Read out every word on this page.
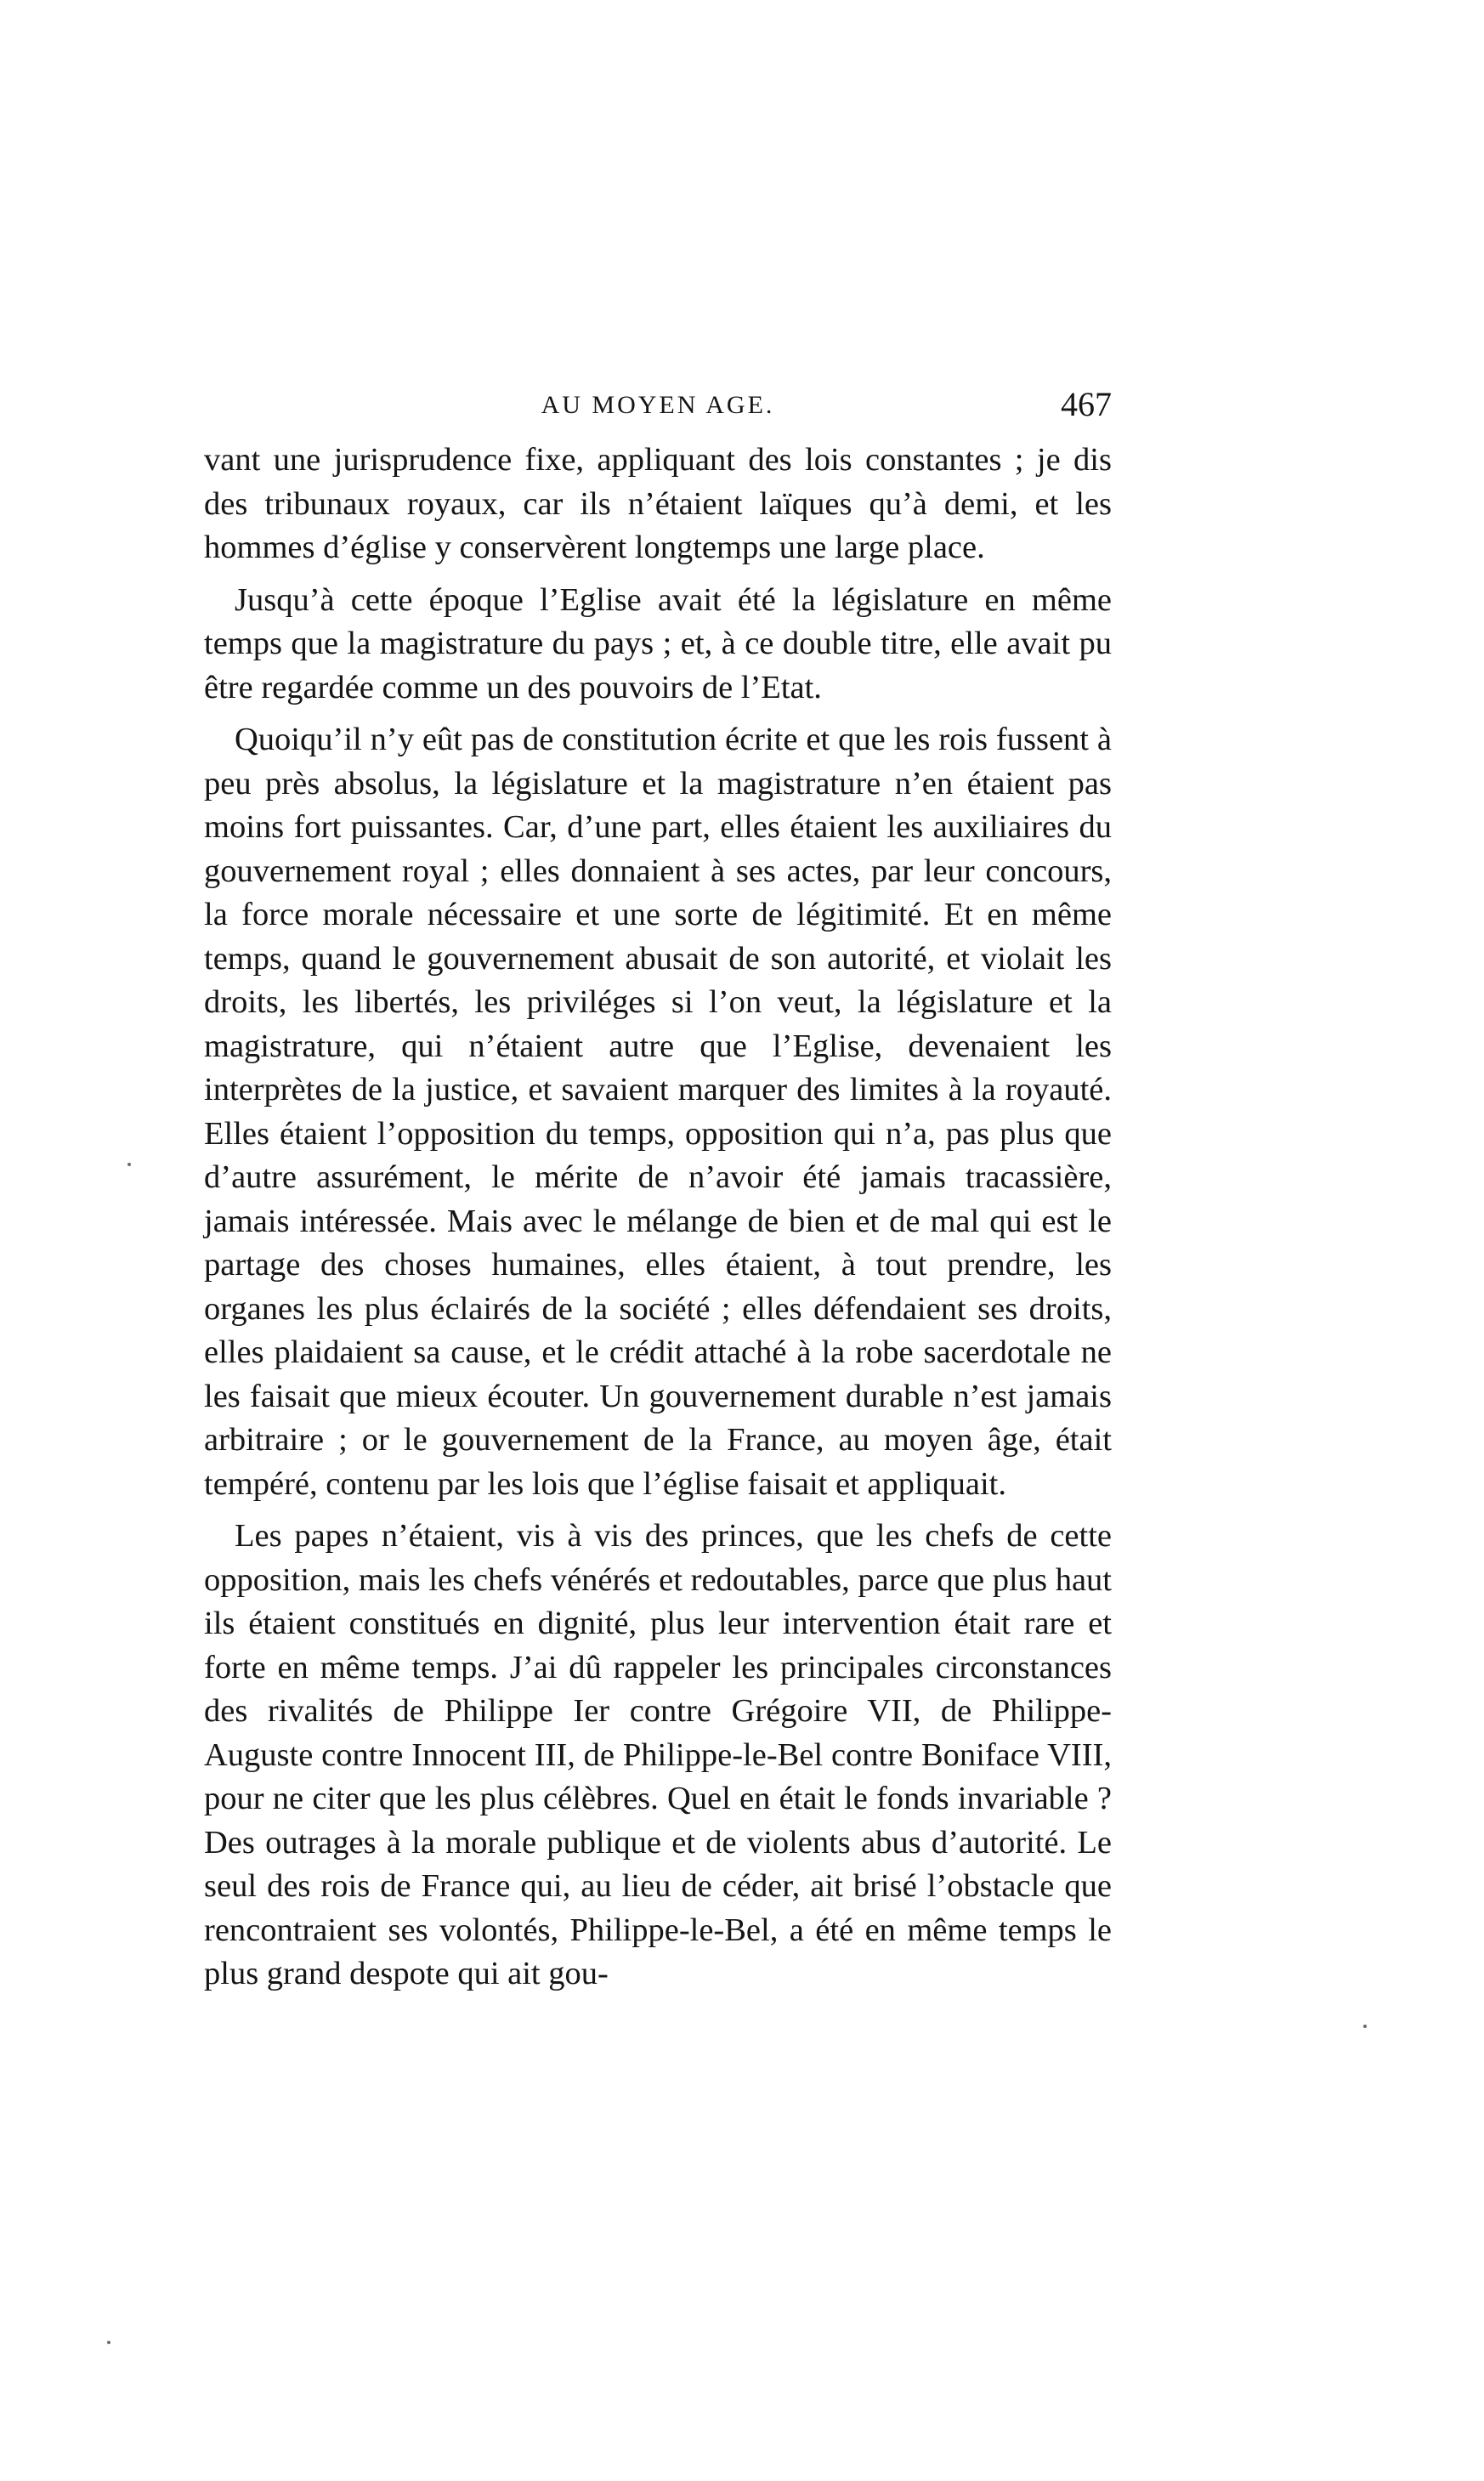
AU MOYEN AGE.	467

vant une jurisprudence fixe, appliquant des lois constantes ; je dis des tribunaux royaux, car ils n’étaient laïques qu’à demi, et les hommes d’église y conservèrent longtemps une large place.

Jusqu’à cette époque l’Eglise avait été la législature en même temps que la magistrature du pays ; et, à ce double titre, elle avait pu être regardée comme un des pouvoirs de l’Etat.

Quoiqu’il n’y eût pas de constitution écrite et que les rois fussent à peu près absolus, la législature et la magistrature n’en étaient pas moins fort puissantes. Car, d’une part, elles étaient les auxiliaires du gouvernement royal ; elles donnaient à ses actes, par leur concours, la force morale nécessaire et une sorte de légitimité. Et en même temps, quand le gouvernement abusait de son autorité, et violait les droits, les libertés, les priviléges si l’on veut, la législature et la magistrature, qui n’étaient autre que l’Eglise, devenaient les interprètes de la justice, et savaient marquer des limites à la royauté. Elles étaient l’opposition du temps, opposition qui n’a, pas plus que d’autre assurément, le mérite de n’avoir été jamais tracassière, jamais intéressée. Mais avec le mélange de bien et de mal qui est le partage des choses humaines, elles étaient, à tout prendre, les organes les plus éclairés de la société ; elles défendaient ses droits, elles plaidaient sa cause, et le crédit attaché à la robe sacerdotale ne les faisait que mieux écouter. Un gouvernement durable n’est jamais arbitraire ; or le gouvernement de la France, au moyen âge, était tempéré, contenu par les lois que l’église faisait et appliquait.

Les papes n’étaient, vis à vis des princes, que les chefs de cette opposition, mais les chefs vénérés et redoutables, parce que plus haut ils étaient constitués en dignité, plus leur intervention était rare et forte en même temps. J’ai dû rappeler les principales circonstances des rivalités de Philippe Ier contre Grégoire VII, de Philippe-Auguste contre Innocent III, de Philippe-le-Bel contre Boniface VIII, pour ne citer que les plus célèbres. Quel en était le fonds invariable ? Des outrages à la morale publique et de violents abus d’autorité. Le seul des rois de France qui, au lieu de céder, ait brisé l’obstacle que rencontraient ses volontés, Philippe-le-Bel, a été en même temps le plus grand despote qui ait gou-
